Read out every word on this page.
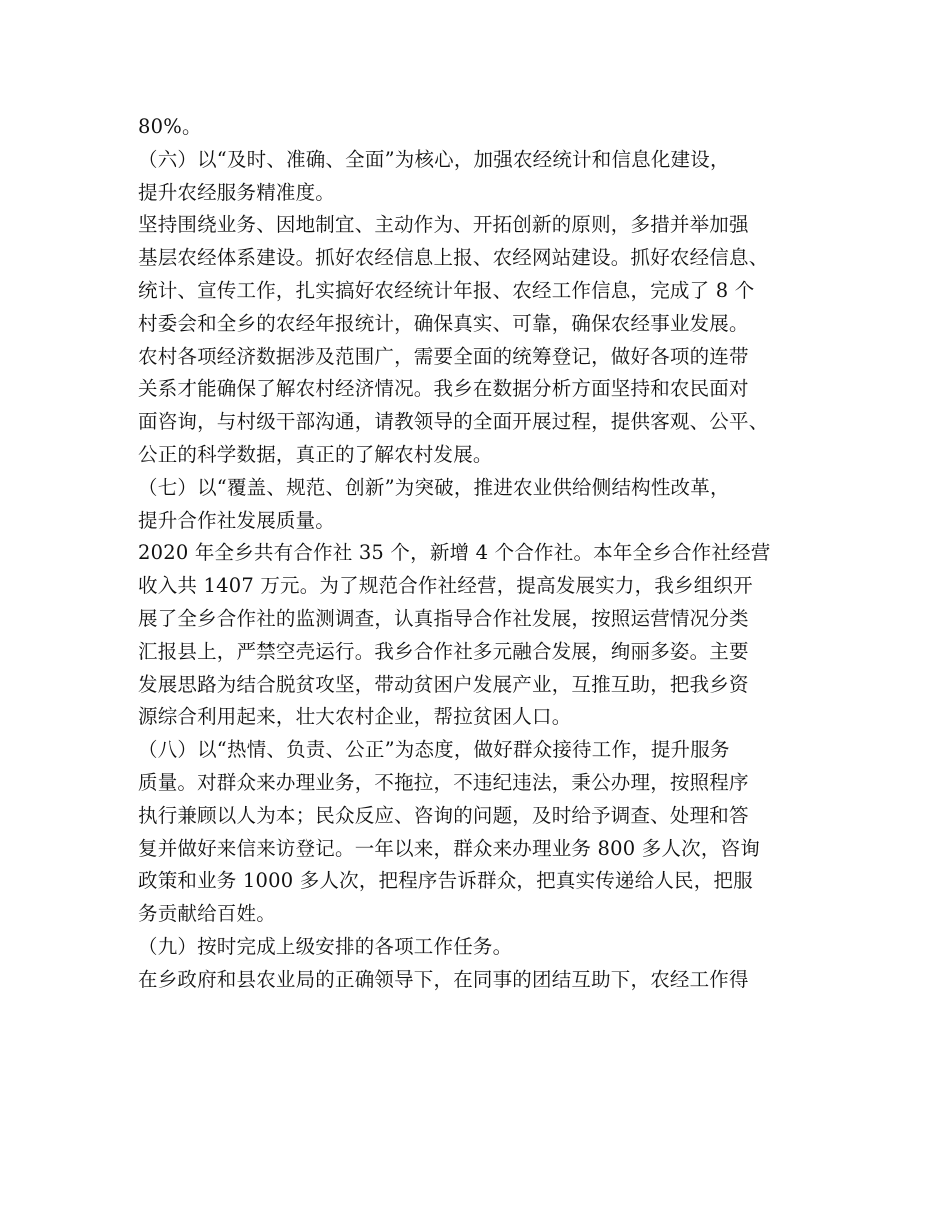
80%。
（六）以“及时、准确、全面”为核心，加强农经统计和信息化建设，
提升农经服务精准度。
坚持围绕业务、因地制宜、主动作为、开拓创新的原则，多措并举加强
基层农经体系建设。抓好农经信息上报、农经网站建设。抓好农经信息、
统计、宣传工作，扎实搞好农经统计年报、农经工作信息，完成了 8 个
村委会和全乡的农经年报统计，确保真实、可靠，确保农经事业发展。
农村各项经济数据涉及范围广，需要全面的统筹登记，做好各项的连带
关系才能确保了解农村经济情况。我乡在数据分析方面坚持和农民面对
面咨询，与村级干部沟通，请教领导的全面开展过程，提供客观、公平、
公正的科学数据，真正的了解农村发展。
（七）以“覆盖、规范、创新”为突破，推进农业供给侧结构性改革，
提升合作社发展质量。
2020 年全乡共有合作社 35 个，新增 4 个合作社。本年全乡合作社经营
收入共 1407 万元。为了规范合作社经营，提高发展实力，我乡组织开
展了全乡合作社的监测调查，认真指导合作社发展，按照运营情况分类
汇报县上，严禁空壳运行。我乡合作社多元融合发展，绚丽多姿。主要
发展思路为结合脱贫攻坚，带动贫困户发展产业，互推互助，把我乡资
源综合利用起来，壮大农村企业，帮拉贫困人口。
（八）以“热情、负责、公正”为态度，做好群众接待工作，提升服务
质量。对群众来办理业务，不拖拉，不违纪违法，秉公办理，按照程序
执行兼顾以人为本；民众反应、咨询的问题，及时给予调查、处理和答
复并做好来信来访登记。一年以来，群众来办理业务 800 多人次，咨询
政策和业务 1000 多人次，把程序告诉群众，把真实传递给人民，把服
务贡献给百姓。
（九）按时完成上级安排的各项工作任务。
在乡政府和县农业局的正确领导下，在同事的团结互助下，农经工作得
